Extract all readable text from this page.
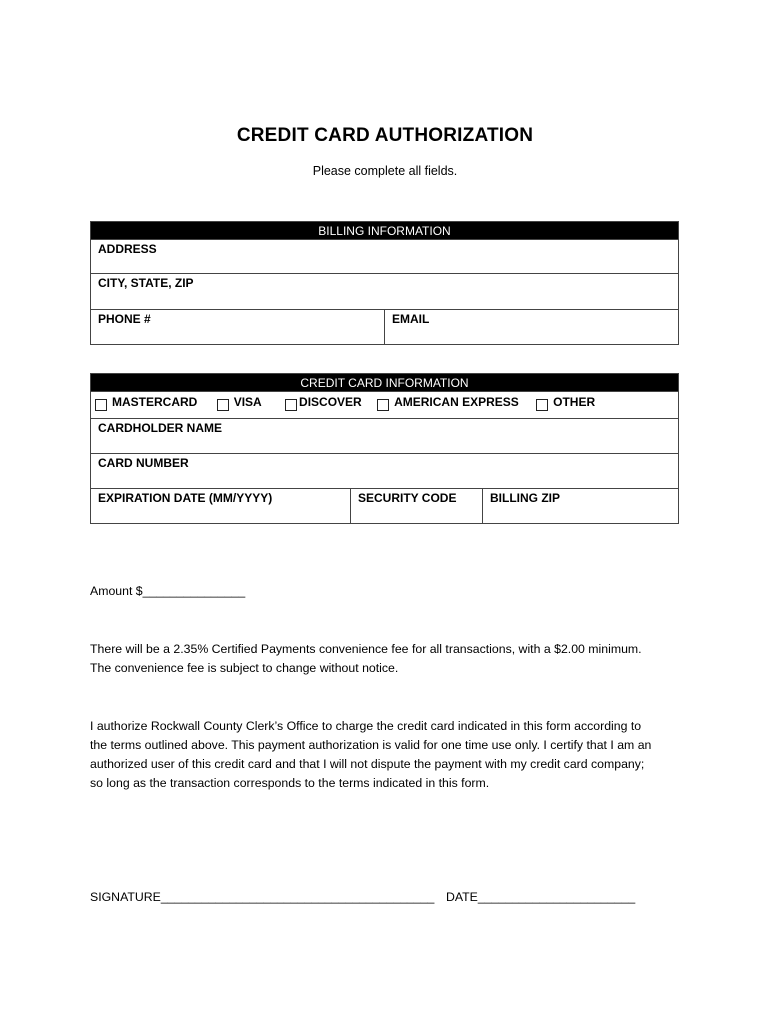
CREDIT CARD AUTHORIZATION
Please complete all fields.
BILLING INFORMATION
ADDRESS
CITY, STATE, ZIP
PHONE #	EMAIL
CREDIT CARD INFORMATION

MASTERCARD
	VISA
	DISCOVER
	AMERICAN EXPRESS
	OTHER

CARDHOLDER NAME
CARD NUMBER
EXPIRATION DATE (MM/YYYY)	SECURITY CODE	BILLING ZIP
Amount $_______________

There will be a 2.35% Certified Payments convenience fee for all transactions, with a $2.00 minimum.

The convenience fee is subject to change without notice.

I authorize Rockwall County Clerk’s Office to charge the credit card indicated in this form according to

the terms outlined above. This payment authorization is valid for one time use only. I certify that I am an

authorized user of this credit card and that I will not dispute the payment with my credit card company;

so long as the transaction corresponds to the terms indicated in this form.

SIGNATURE________________________________________ DATE_______________________
